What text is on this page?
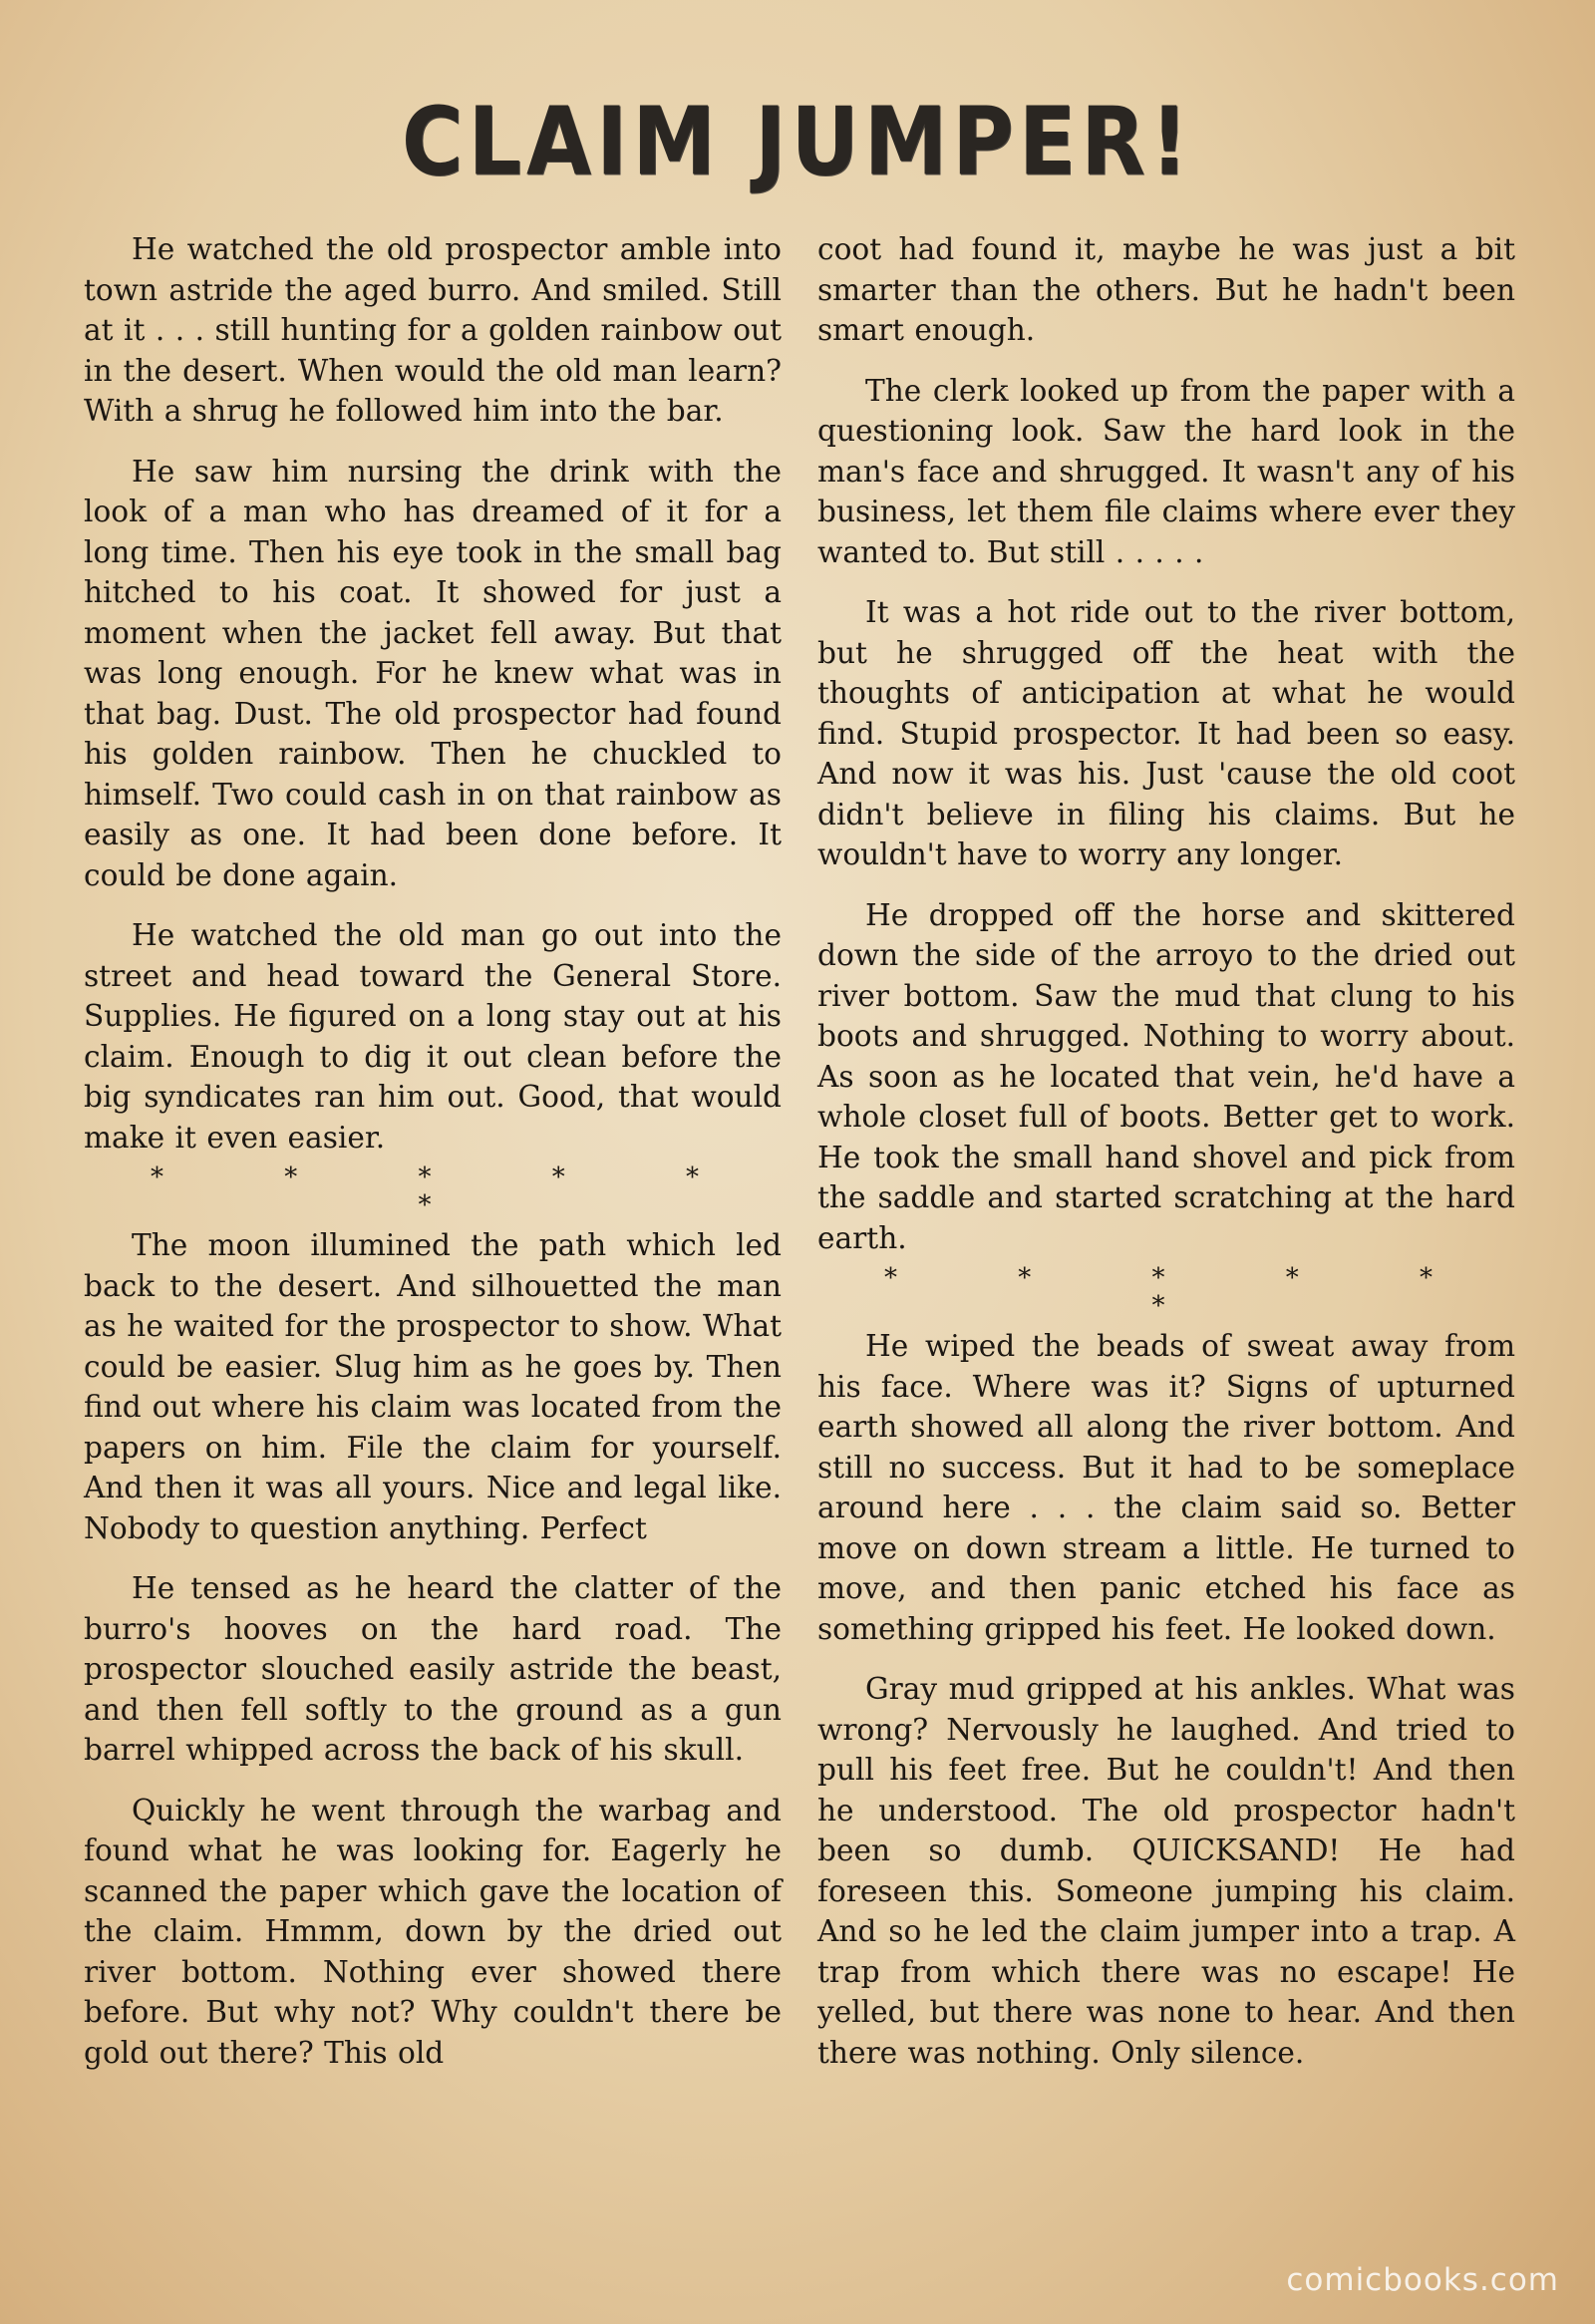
CLAIM JUMPER!

He watched the old prospector amble into town astride the aged burro. And smiled. Still at it . . . still hunting for a golden rainbow out in the desert. When would the old man learn? With a shrug he followed him into the bar.

He saw him nursing the drink with the look of a man who has dreamed of it for a long time. Then his eye took in the small bag hitched to his coat. It showed for just a moment when the jacket fell away. But that was long enough. For he knew what was in that bag. Dust. The old prospector had found his golden rainbow. Then he chuckled to himself. Two could cash in on that rainbow as easily as one. It had been done before. It could be done again.

He watched the old man go out into the street and head toward the General Store. Supplies. He figured on a long stay out at his claim. Enough to dig it out clean before the big syndicates ran him out. Good, that would make it even easier.

* * * * * *

The moon illumined the path which led back to the desert. And silhouetted the man as he waited for the prospector to show. What could be easier. Slug him as he goes by. Then find out where his claim was located from the papers on him. File the claim for yourself. And then it was all yours. Nice and legal like. Nobody to question anything. Perfect

He tensed as he heard the clatter of the burro's hooves on the hard road. The prospector slouched easily astride the beast, and then fell softly to the ground as a gun barrel whipped across the back of his skull.

Quickly he went through the warbag and found what he was looking for. Eagerly he scanned the paper which gave the location of the claim. Hmmm, down by the dried out river bottom. Nothing ever showed there before. But why not? Why couldn't there be gold out there? This old

coot had found it, maybe he was just a bit smarter than the others. But he hadn't been smart enough.

The clerk looked up from the paper with a questioning look. Saw the hard look in the man's face and shrugged. It wasn't any of his business, let them file claims where ever they wanted to. But still . . . . .

It was a hot ride out to the river bottom, but he shrugged off the heat with the thoughts of anticipation at what he would find. Stupid prospector. It had been so easy. And now it was his. Just 'cause the old coot didn't believe in filing his claims. But he wouldn't have to worry any longer.

He dropped off the horse and skittered down the side of the arroyo to the dried out river bottom. Saw the mud that clung to his boots and shrugged. Nothing to worry about. As soon as he located that vein, he'd have a whole closet full of boots. Better get to work. He took the small hand shovel and pick from the saddle and started scratching at the hard earth.

* * * * * *

He wiped the beads of sweat away from his face. Where was it? Signs of upturned earth showed all along the river bottom. And still no success. But it had to be someplace around here . . . the claim said so. Better move on down stream a little. He turned to move, and then panic etched his face as something gripped his feet. He looked down.

Gray mud gripped at his ankles. What was wrong? Nervously he laughed. And tried to pull his feet free. But he couldn't! And then he understood. The old prospector hadn't been so dumb. QUICKSAND! He had foreseen this. Someone jumping his claim. And so he led the claim jumper into a trap. A trap from which there was no escape! He yelled, but there was none to hear. And then there was nothing. Only silence.

comicbooks.com
